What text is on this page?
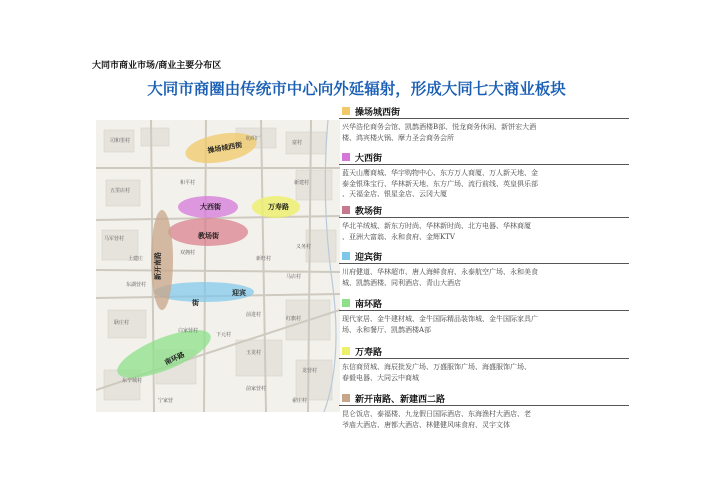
大同市商业市场/商业主要分布区
大同市商圈由传统市中心向外延辐射，形成大同七大商业板块
操场城西街
大西街
教场街
万寿路
迎宾
街
南环路
新开南路
司和里村	纺织厂
五里店村
马军营村
和平村
双拥村
富村
新建村
义务村
新旺村
东湖营村
耿庄村
前进村
红旗村
玉龙村
东辛城村
龙营村
翟庄村
宁家营
前家营村
白家营村
马店村
土建庄
下元村
操场城西街
兴华浩伦商务会馆、凯鹊酒楼B部、悦龙商务休闲、新饼宏大酒
楼、鸿宾楼火锅、摩力圣会商务会所
大西街
蓝天山鹰商城、华宇购物中心、东方万人商厦、万人新天地、金
泰金银珠宝行、华林新天地、东方广场、流行前线、英皇俱乐部
、天福金店、银星金店、云冈大厦
教场街
华北羊绒城、新东方时尚、华林新时尚、北方电器、华林商厦
、亚洲大富翁、永和食府、金辉KTV
迎宾街
川府健道、华林超市、唐人海鲜食府、永泰航空广场、永和美食
城、凯鹊酒楼、同利酒店、青山大酒店
南环路
现代家居、金牛建材城、金牛国际精品装饰城、金牛国际家具广
场、永和餐厅、凯鹊酒楼A部
万寿路
东信商贸城、海辰批发广场、万盛服饰广场、海盛服饰广场、
春毅电器、大同云中商城
新开南路、新建西二路
昆仑饭店、泰福楼、九龙假日国际酒店、东海渔村大酒店、老
爷庙大酒店、唐都大酒店、林健健风味食府、灵宇文体
